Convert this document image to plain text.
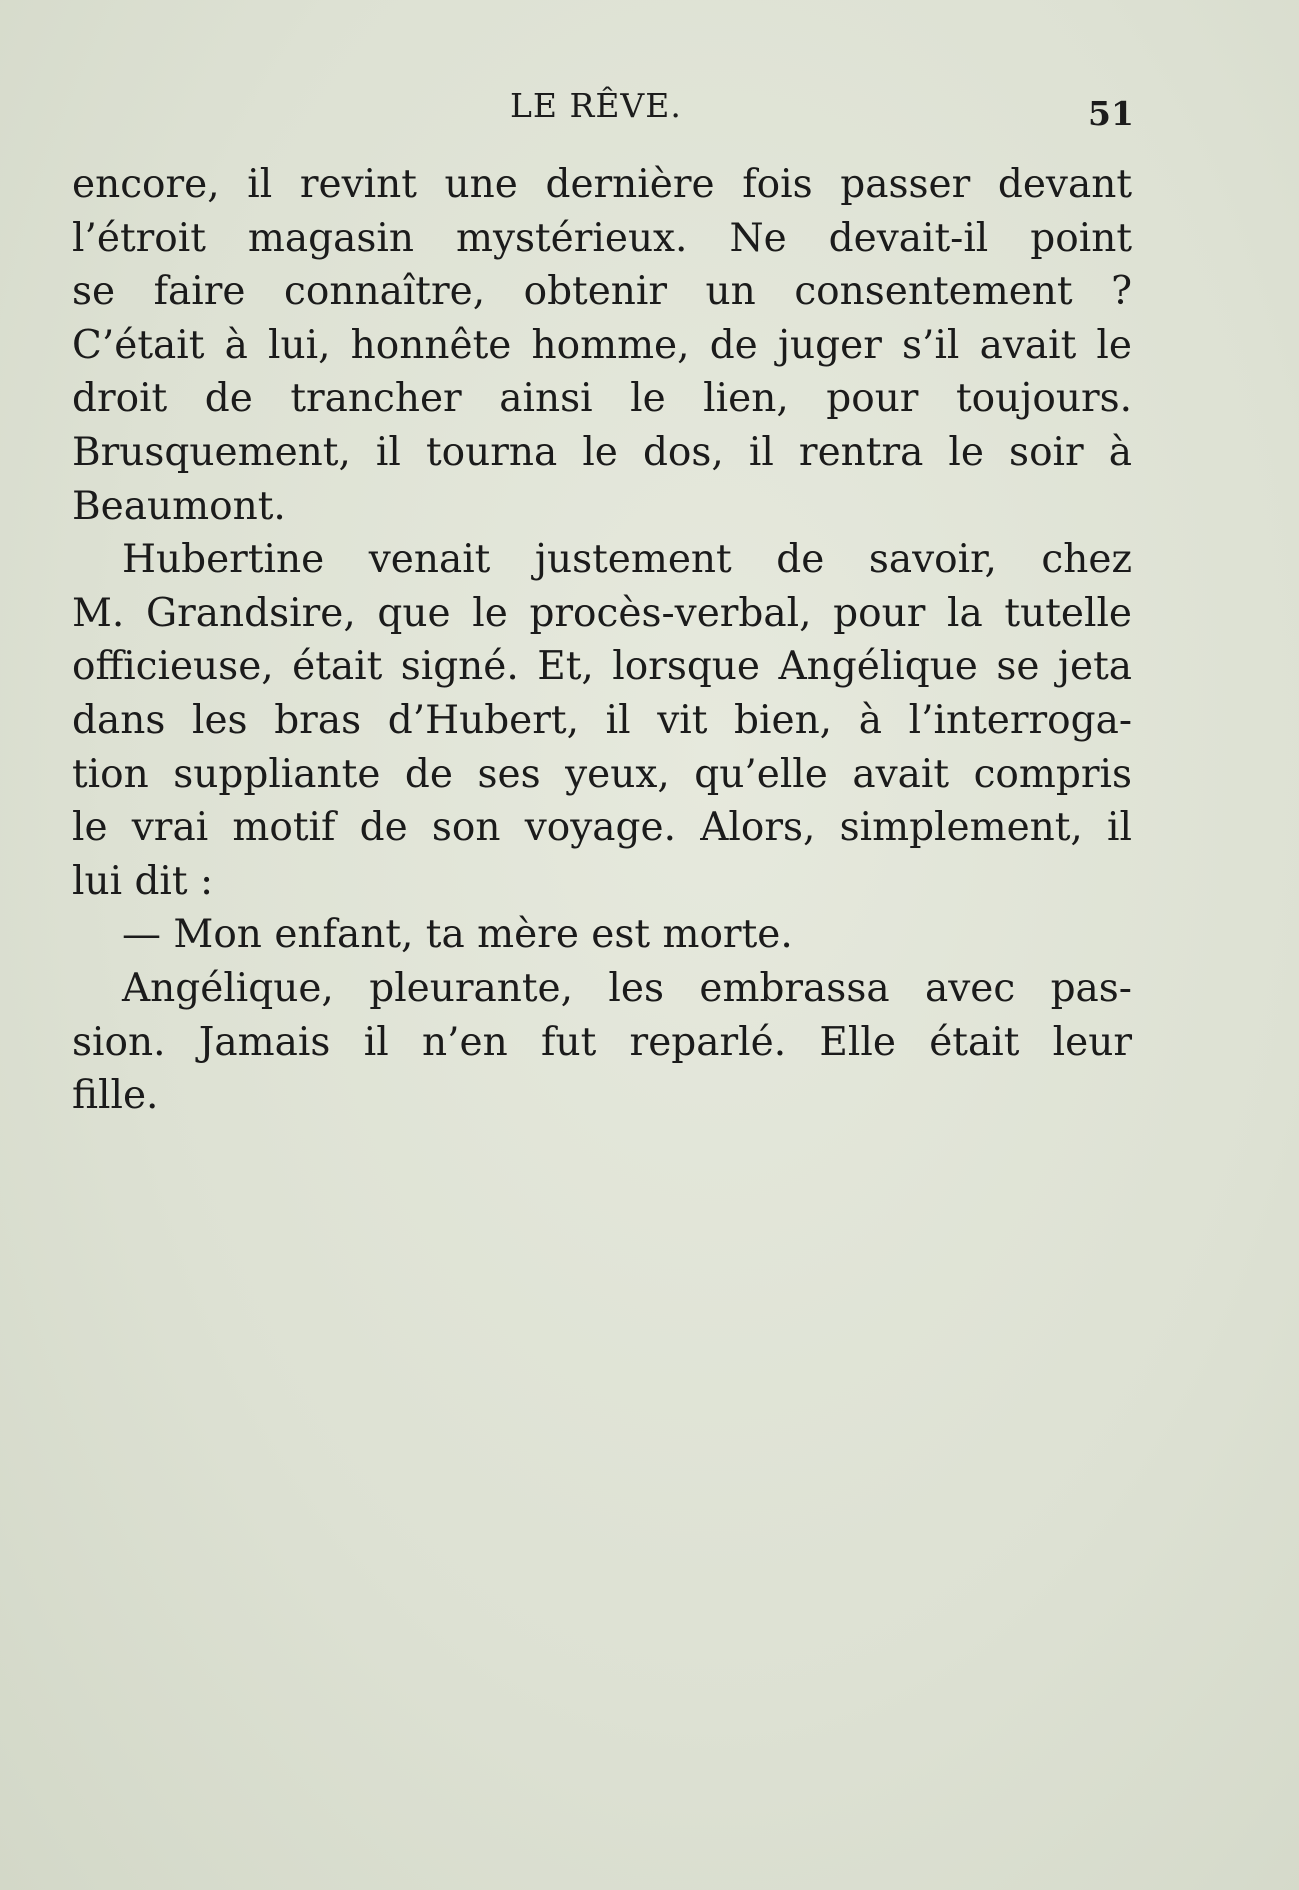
LE RÊVE.	51
encore, il revint une dernière fois passer devant
l’étroit magasin mystérieux. Ne devait-il point
se faire connaître, obtenir un consentement ?
C’était à lui, honnête homme, de juger s’il avait le
droit de trancher ainsi le lien, pour toujours.
Brusquement, il tourna le dos, il rentra le soir à
Beaumont.
Hubertine venait justement de savoir, chez
M. Grandsire, que le procès-verbal, pour la tutelle
officieuse, était signé. Et, lorsque Angélique se jeta
dans les bras d’Hubert, il vit bien, à l’interroga-
tion suppliante de ses yeux, qu’elle avait compris
le vrai motif de son voyage. Alors, simplement, il
lui dit :
— Mon enfant, ta mère est morte.
Angélique, pleurante, les embrassa avec pas-
sion. Jamais il n’en fut reparlé. Elle était leur
fille.
